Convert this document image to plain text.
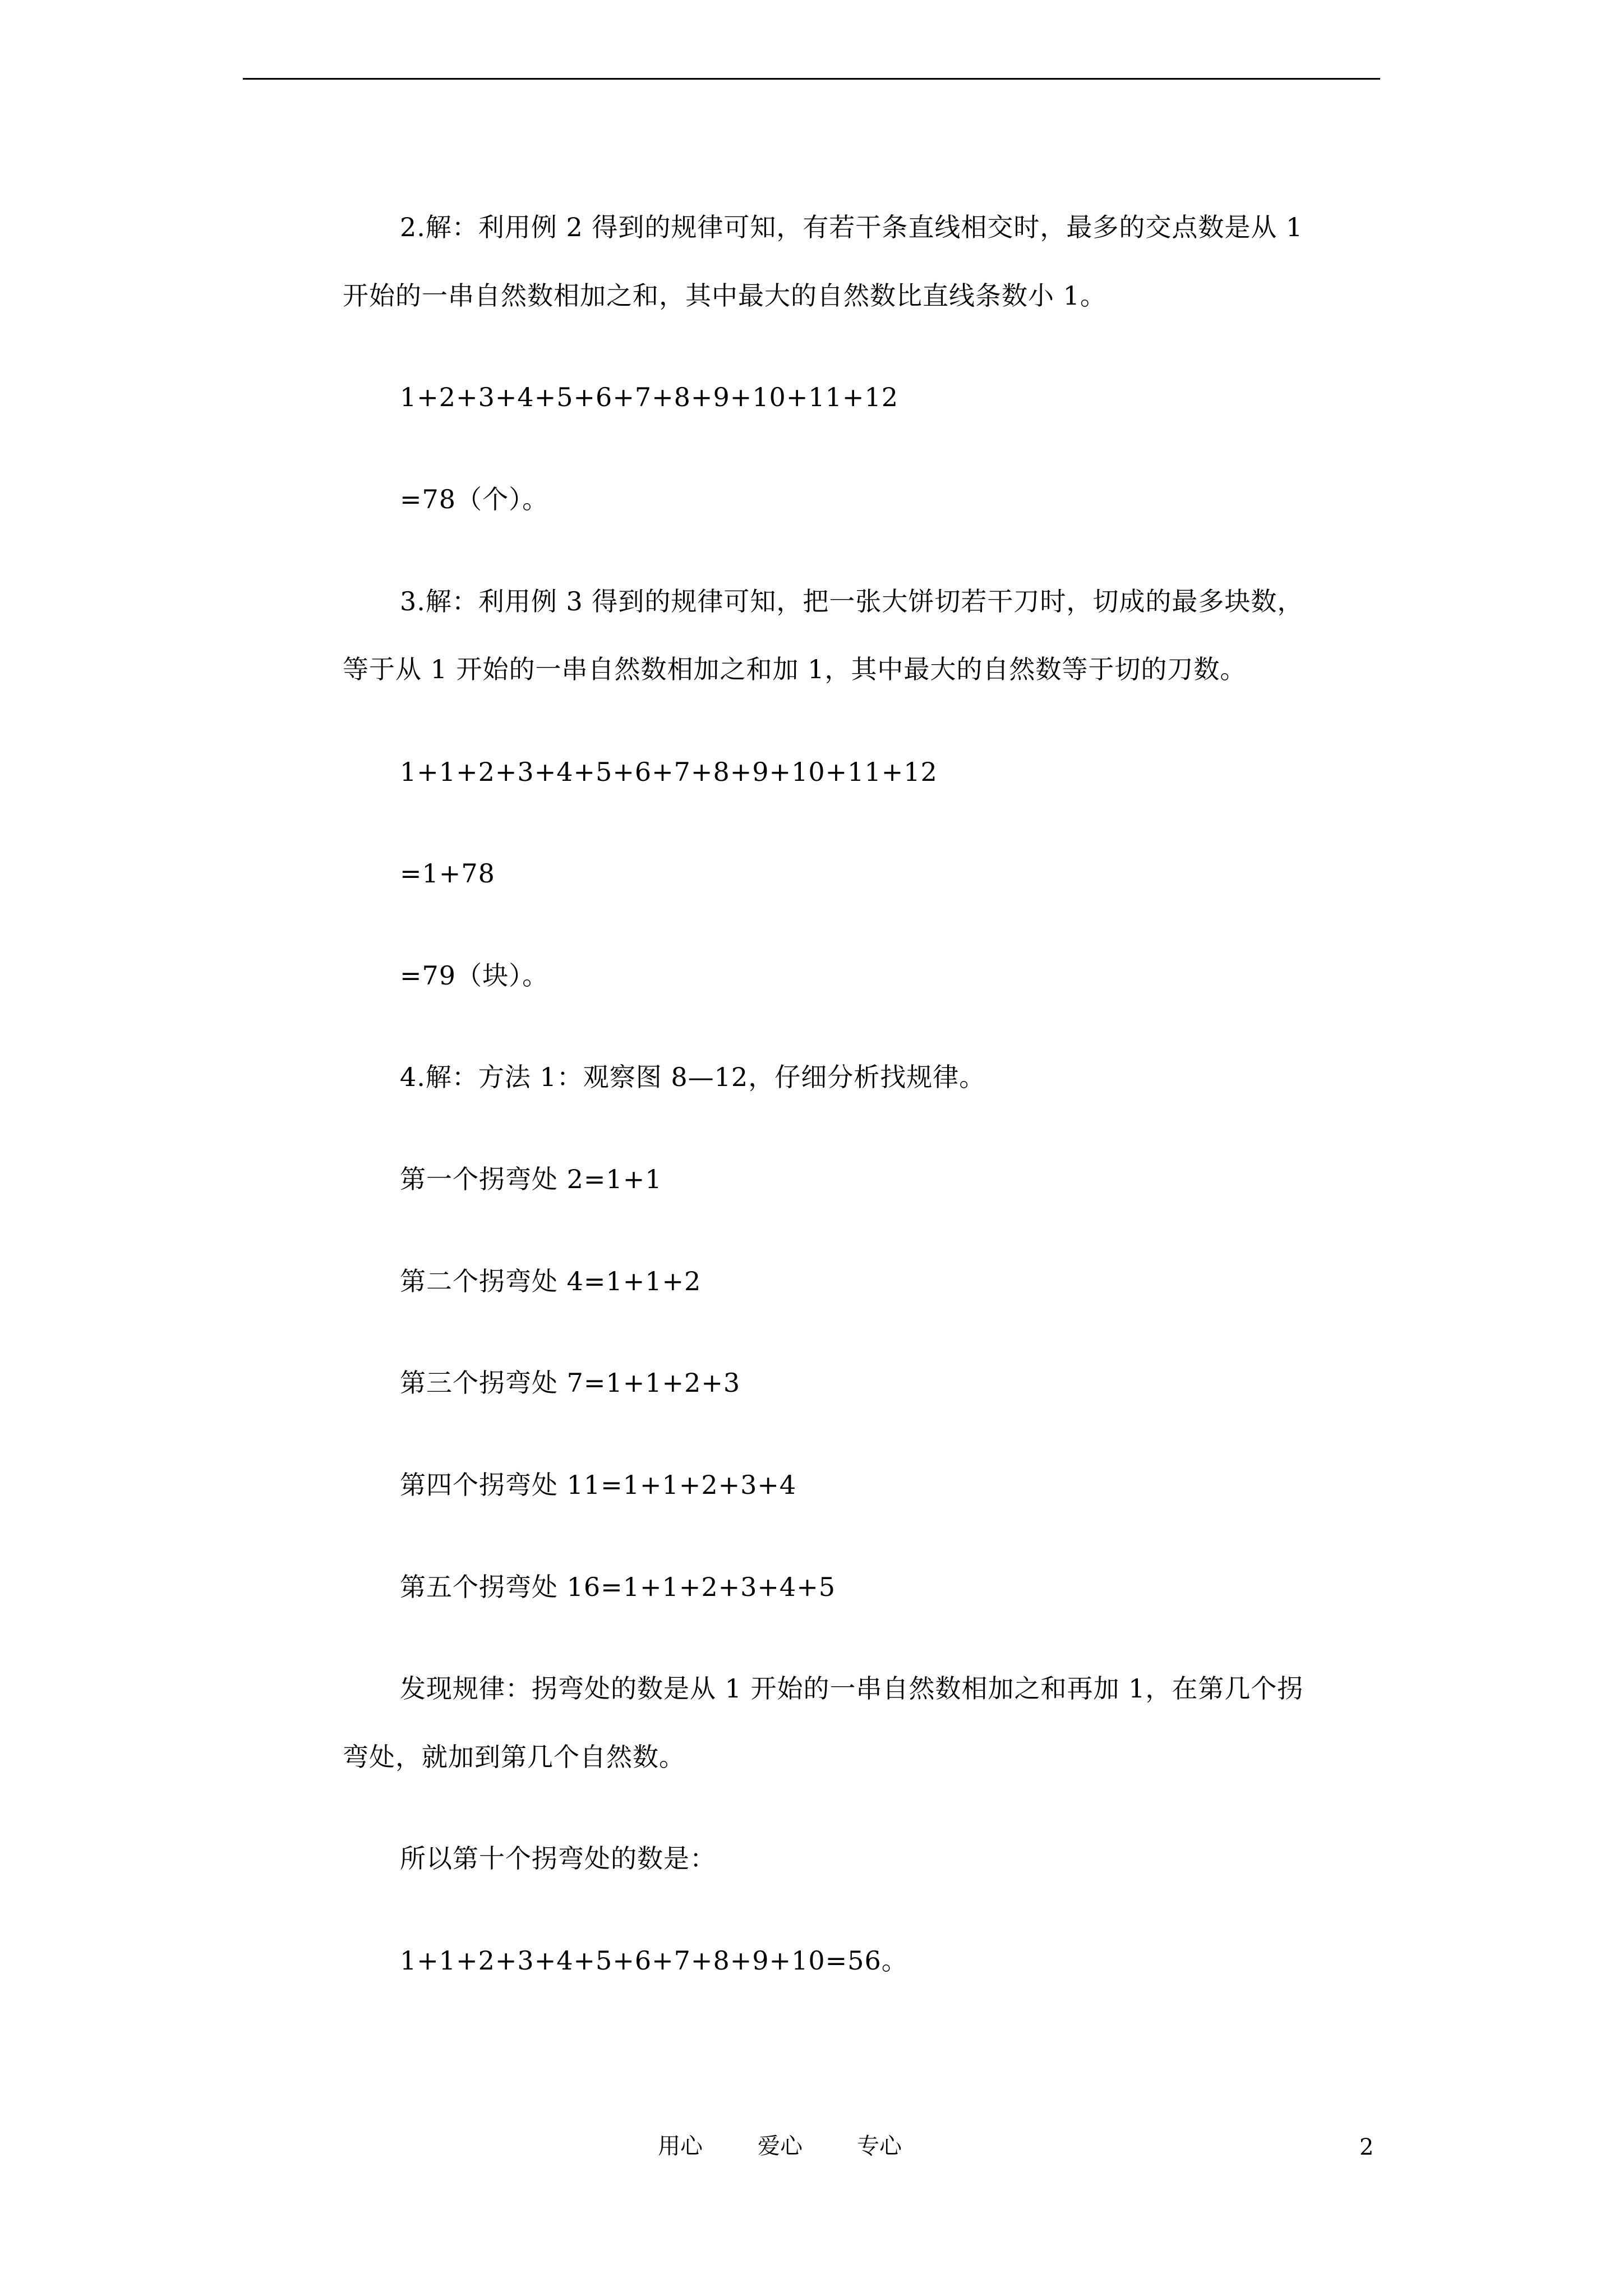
2.解：利用例 2 得到的规律可知，有若干条直线相交时，最多的交点数是从 1
开始的一串自然数相加之和，其中最大的自然数比直线条数小 1。
1+2+3+4+5+6+7+8+9+10+11+12
=78（个）。
3.解：利用例 3 得到的规律可知，把一张大饼切若干刀时，切成的最多块数，
等于从 1 开始的一串自然数相加之和加 1，其中最大的自然数等于切的刀数。
1+1+2+3+4+5+6+7+8+9+10+11+12
=1+78
=79（块）。
4.解：方法 1：观察图 8—12，仔细分析找规律。
第一个拐弯处 2=1+1
第二个拐弯处 4=1+1+2
第三个拐弯处 7=1+1+2+3
第四个拐弯处 11=1+1+2+3+4
第五个拐弯处 16=1+1+2+3+4+5
发现规律：拐弯处的数是从 1 开始的一串自然数相加之和再加 1，在第几个拐
弯处，就加到第几个自然数。
所以第十个拐弯处的数是：
1+1+2+3+4+5+6+7+8+9+10=56。
用心 爱心 专心	2
